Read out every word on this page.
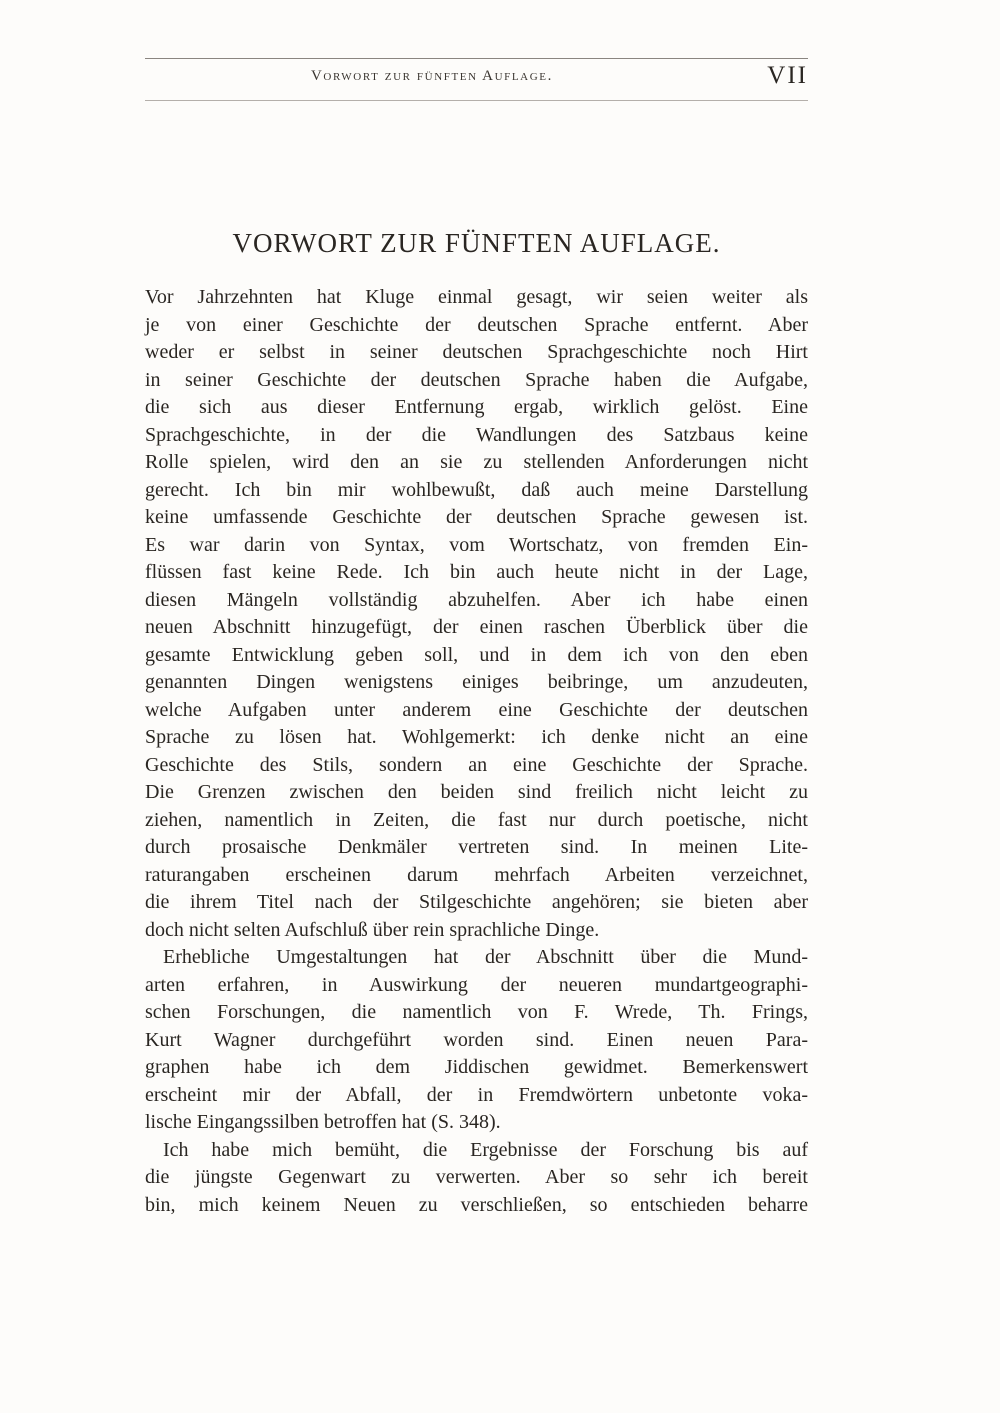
Vorwort zur fünften Auflage.	VII
VORWORT ZUR FÜNFTEN AUFLAGE.
Vor Jahrzehnten hat Kluge einmal gesagt, wir seien weiter als
je von einer Geschichte der deutschen Sprache entfernt. Aber
weder er selbst in seiner deutschen Sprachgeschichte noch Hirt
in seiner Geschichte der deutschen Sprache haben die Aufgabe,
die sich aus dieser Entfernung ergab, wirklich gelöst. Eine
Sprachgeschichte, in der die Wandlungen des Satzbaus keine
Rolle spielen, wird den an sie zu stellenden Anforderungen nicht
gerecht. Ich bin mir wohlbewußt, daß auch meine Darstellung
keine umfassende Geschichte der deutschen Sprache gewesen ist.
Es war darin von Syntax, vom Wortschatz, von fremden Ein-
flüssen fast keine Rede. Ich bin auch heute nicht in der Lage,
diesen Mängeln vollständig abzuhelfen. Aber ich habe einen
neuen Abschnitt hinzugefügt, der einen raschen Überblick über die
gesamte Entwicklung geben soll, und in dem ich von den eben
genannten Dingen wenigstens einiges beibringe, um anzudeuten,
welche Aufgaben unter anderem eine Geschichte der deutschen
Sprache zu lösen hat. Wohlgemerkt: ich denke nicht an eine
Geschichte des Stils, sondern an eine Geschichte der Sprache.
Die Grenzen zwischen den beiden sind freilich nicht leicht zu
ziehen, namentlich in Zeiten, die fast nur durch poetische, nicht
durch prosaische Denkmäler vertreten sind. In meinen Lite-
raturangaben erscheinen darum mehrfach Arbeiten verzeichnet,
die ihrem Titel nach der Stilgeschichte angehören; sie bieten aber
doch nicht selten Aufschluß über rein sprachliche Dinge.
Erhebliche Umgestaltungen hat der Abschnitt über die Mund-
arten erfahren, in Auswirkung der neueren mundartgeographi-
schen Forschungen, die namentlich von F. Wrede, Th. Frings,
Kurt Wagner durchgeführt worden sind. Einen neuen Para-
graphen habe ich dem Jiddischen gewidmet. Bemerkenswert
erscheint mir der Abfall, der in Fremdwörtern unbetonte voka-
lische Eingangssilben betroffen hat (S. 348).
Ich habe mich bemüht, die Ergebnisse der Forschung bis auf
die jüngste Gegenwart zu verwerten. Aber so sehr ich bereit
bin, mich keinem Neuen zu verschließen, so entschieden beharre
